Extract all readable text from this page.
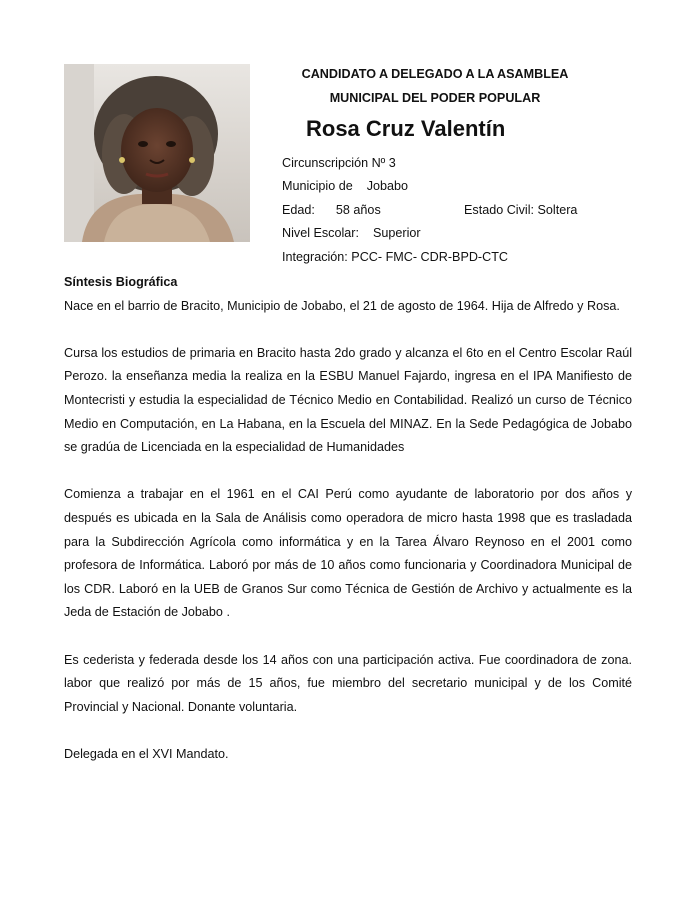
CANDIDATO A DELEGADO A LA ASAMBLEA
MUNICIPAL DEL PODER POPULAR
Rosa Cruz Valentín
Circunscripción Nº 3
Municipio de Jobabo
Edad: 58 años	Estado Civil: Soltera
Nivel Escolar: Superior
Integración: PCC- FMC- CDR-BPD-CTC

Síntesis Biográfica

Nace en el barrio de Bracito, Municipio de Jobabo, el 21 de agosto de 1964. Hija de Alfredo y Rosa.

Cursa los estudios de primaria en Bracito hasta 2do grado y alcanza el 6to en el Centro Escolar Raúl Perozo. la enseñanza media la realiza en la ESBU Manuel Fajardo, ingresa en el IPA Manifiesto de Montecristi y estudia la especialidad de Técnico Medio en Contabilidad. Realizó un curso de Técnico Medio en Computación, en La Habana, en la Escuela del MINAZ. En la Sede Pedagógica de Jobabo se gradúa de Licenciada en la especialidad de Humanidades

Comienza a trabajar en el 1961 en el CAI Perú como ayudante de laboratorio por dos años y después es ubicada en la Sala de Análisis como operadora de micro hasta 1998 que es trasladada para la Subdirección Agrícola como informática y en la Tarea Álvaro Reynoso en el 2001 como profesora de Informática. Laboró por más de 10 años como funcionaria y Coordinadora Municipal de los CDR. Laboró en la UEB de Granos Sur como Técnica de Gestión de Archivo y actualmente es la Jeda de Estación de Jobabo .

Es cederista y federada desde los 14 años con una participación activa. Fue coordinadora de zona. labor que realizó por más de 15 años, fue miembro del secretario municipal y de los Comité Provincial y Nacional. Donante voluntaria.

Delegada en el XVI Mandato.
